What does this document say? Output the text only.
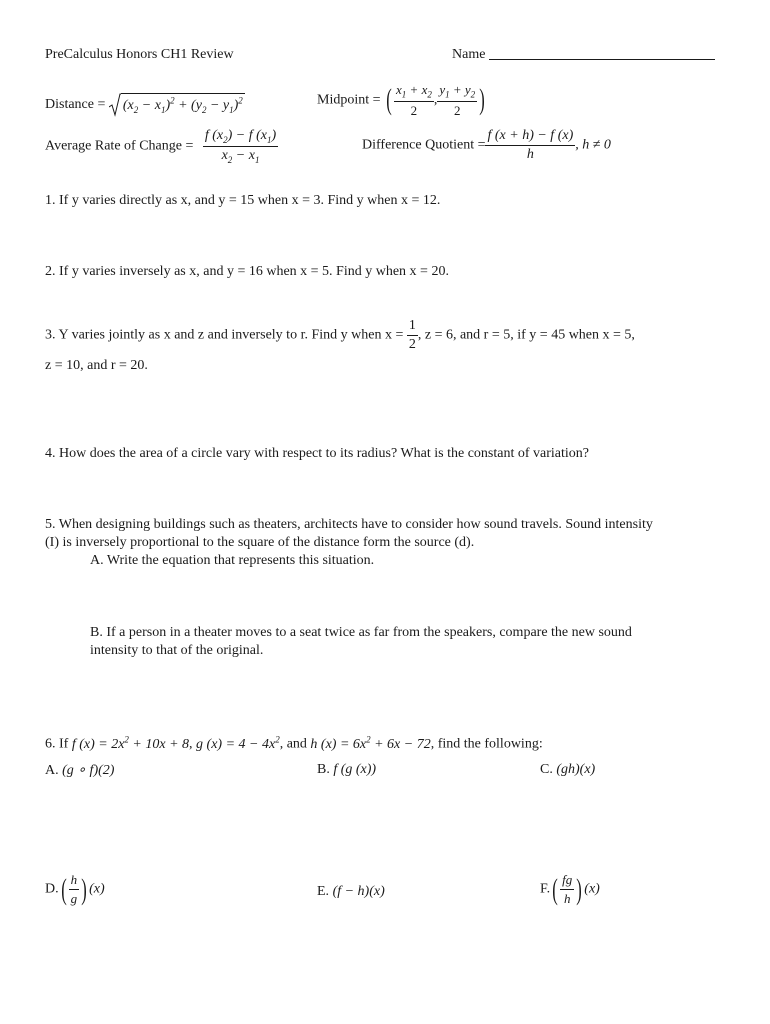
PreCalculus Honors CH1 Review	Name
Distance = $(x_2 - x_1)^2 + (y_2 - y_1)^2$	Midpoint = ( $\frac{x_1 + x_2}{2}$ , $\frac{y_1 + y_2}{2}$ )
Average Rate of Change = $\frac{f (x_2) - f (x_1)}{x_2 - x_1}$	Difference Quotient = $\frac{f (x + h) - f (x)}{h}$ , h ≠ 0
1. If y varies directly as x, and y = 15 when x = 3. Find y when x = 12.
2. If y varies inversely as x, and y = 16 when x = 5. Find y when x = 20.
3. Y varies jointly as x and z and inversely to r. Find y when $x = \frac{1}{2}$ , z = 6, and r = 5, if y = 45 when x = 5,
z = 10, and r = 20.
4. How does the area of a circle vary with respect to its radius? What is the constant of variation?
5. When designing buildings such as theaters, architects have to consider how sound travels. Sound intensity
(I) is inversely proportional to the square of the distance form the source (d).
A. Write the equation that represents this situation.
B. If a person in a theater moves to a seat twice as far from the speakers, compare the new sound
intensity to that of the original.
6. If f $(x) = 2x^2 + 10x + 8$, g $(x) = 4 - 4x^2$, and h $(x) = 6x^2 + 6x - 72$, find the following:
A. (g ∘ f)(2)	B. f (g (x))	C. (gh)(x)
$D.( \frac{h}{g}$ ) (x)	E. (f − h)(x)	$F.( \frac{fg}{h}$ ) (x)
